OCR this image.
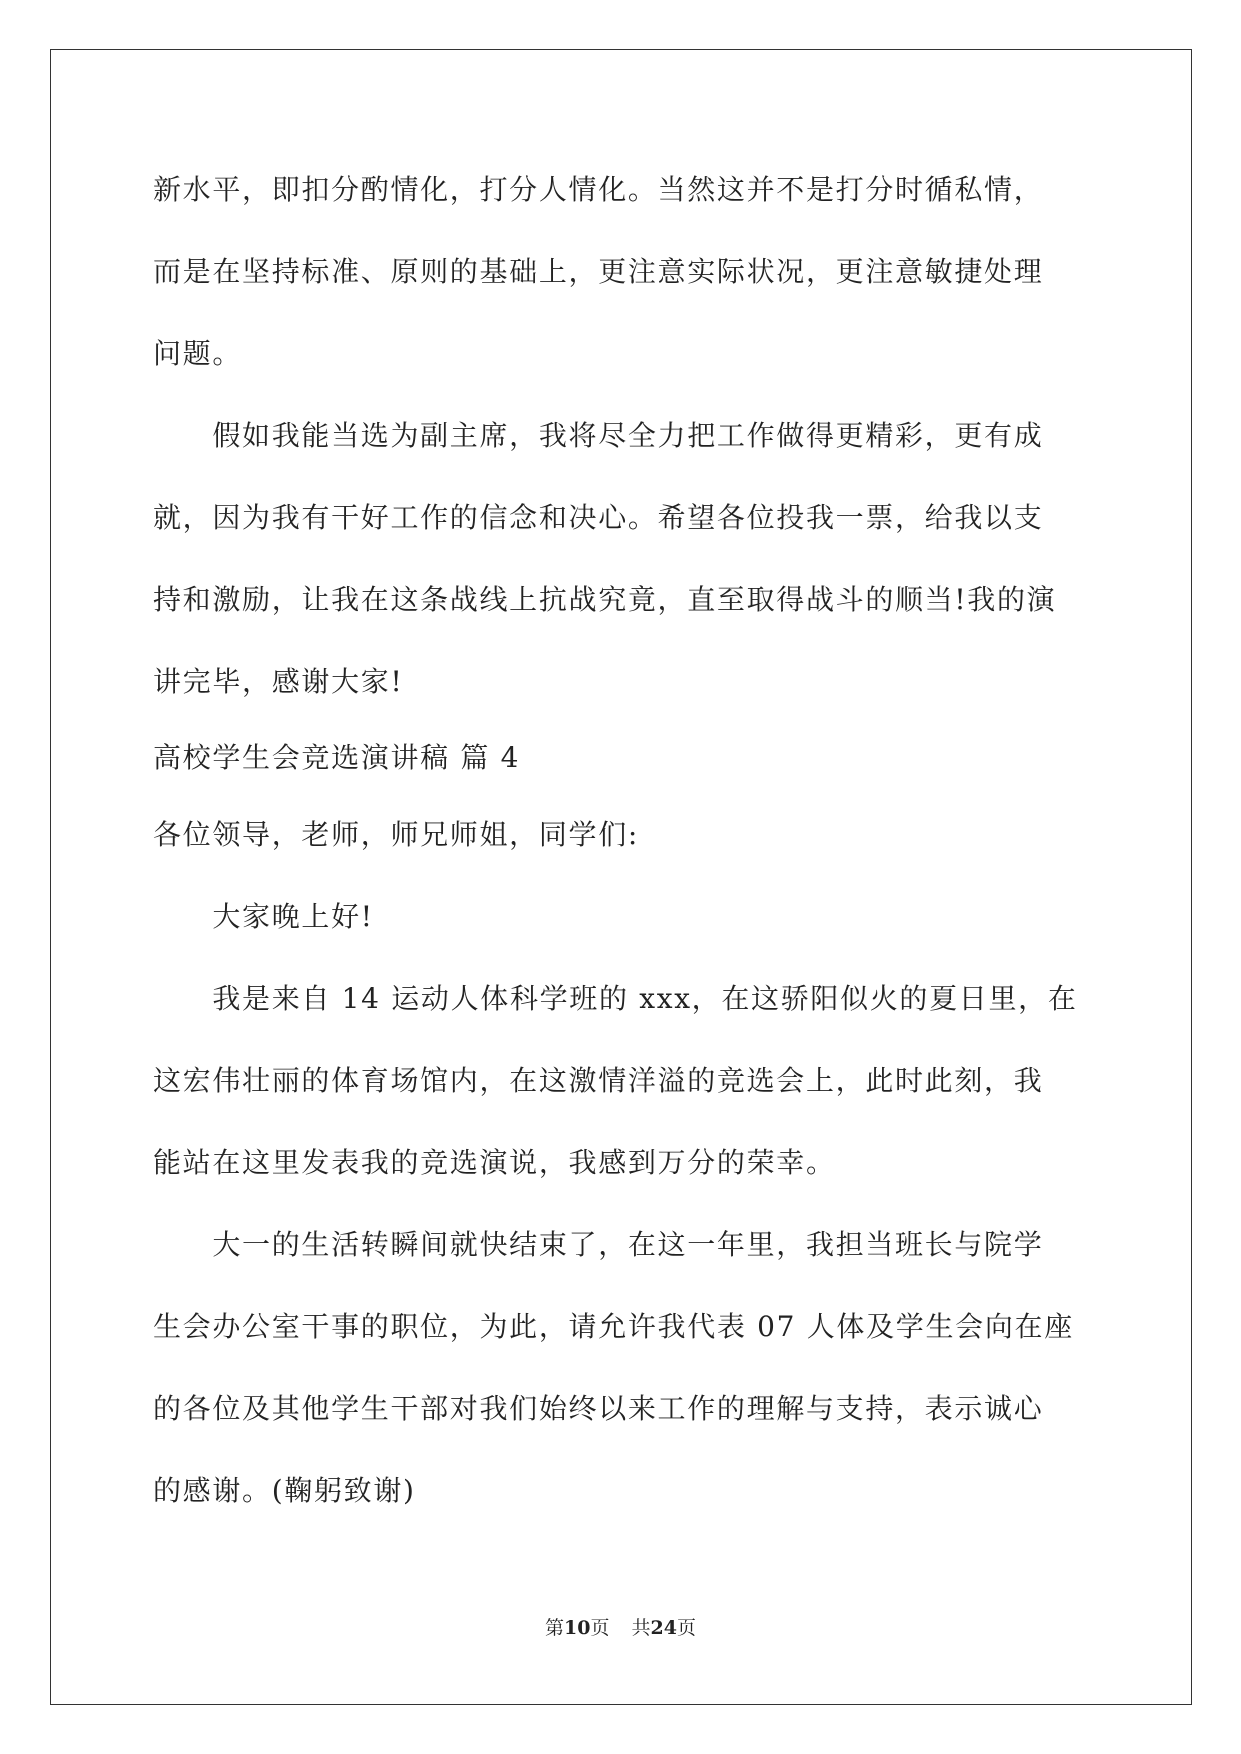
新水平，即扣分酌情化，打分人情化。当然这并不是打分时循私情，
而是在坚持标准、原则的基础上，更注意实际状况，更注意敏捷处理
问题。
　　假如我能当选为副主席，我将尽全力把工作做得更精彩，更有成
就，因为我有干好工作的信念和决心。希望各位投我一票，给我以支
持和激励，让我在这条战线上抗战究竟，直至取得战斗的顺当!我的演
讲完毕，感谢大家!
高校学生会竞选演讲稿 篇 4
各位领导，老师，师兄师姐，同学们:
　　大家晚上好!
　　我是来自 14 运动人体科学班的 xxx，在这骄阳似火的夏日里，在
这宏伟壮丽的体育场馆内，在这激情洋溢的竞选会上，此时此刻，我
能站在这里发表我的竞选演说，我感到万分的荣幸。
　　大一的生活转瞬间就快结束了，在这一年里，我担当班长与院学
生会办公室干事的职位，为此，请允许我代表 07 人体及学生会向在座
的各位及其他学生干部对我们始终以来工作的理解与支持，表示诚心
的感谢。(鞠躬致谢)
第10页 共24页
